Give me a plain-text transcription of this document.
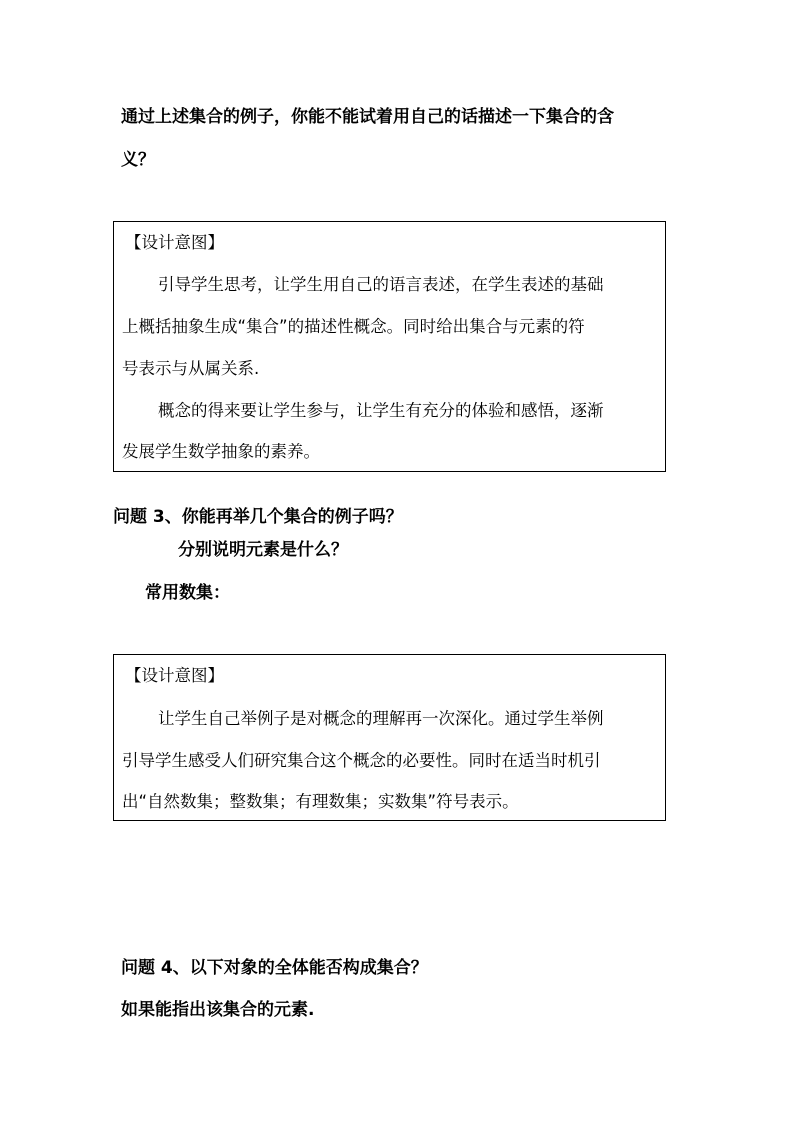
通过上述集合的例子，你能不能试着用自己的话描述一下集合的含
义？
【设计意图】
引导学生思考，让学生用自己的语言表述，在学生表述的基础
上概括抽象生成“集合”的描述性概念。同时给出集合与元素的符
号表示与从属关系.
概念的得来要让学生参与，让学生有充分的体验和感悟，逐渐
发展学生数学抽象的素养。
问题 3、你能再举几个集合的例子吗？
分别说明元素是什么？
常用数集：
【设计意图】
让学生自己举例子是对概念的理解再一次深化。通过学生举例
引导学生感受人们研究集合这个概念的必要性。同时在适当时机引
出“自然数集；整数集；有理数集；实数集”符号表示。
问题 4、以下对象的全体能否构成集合？
如果能指出该集合的元素.
